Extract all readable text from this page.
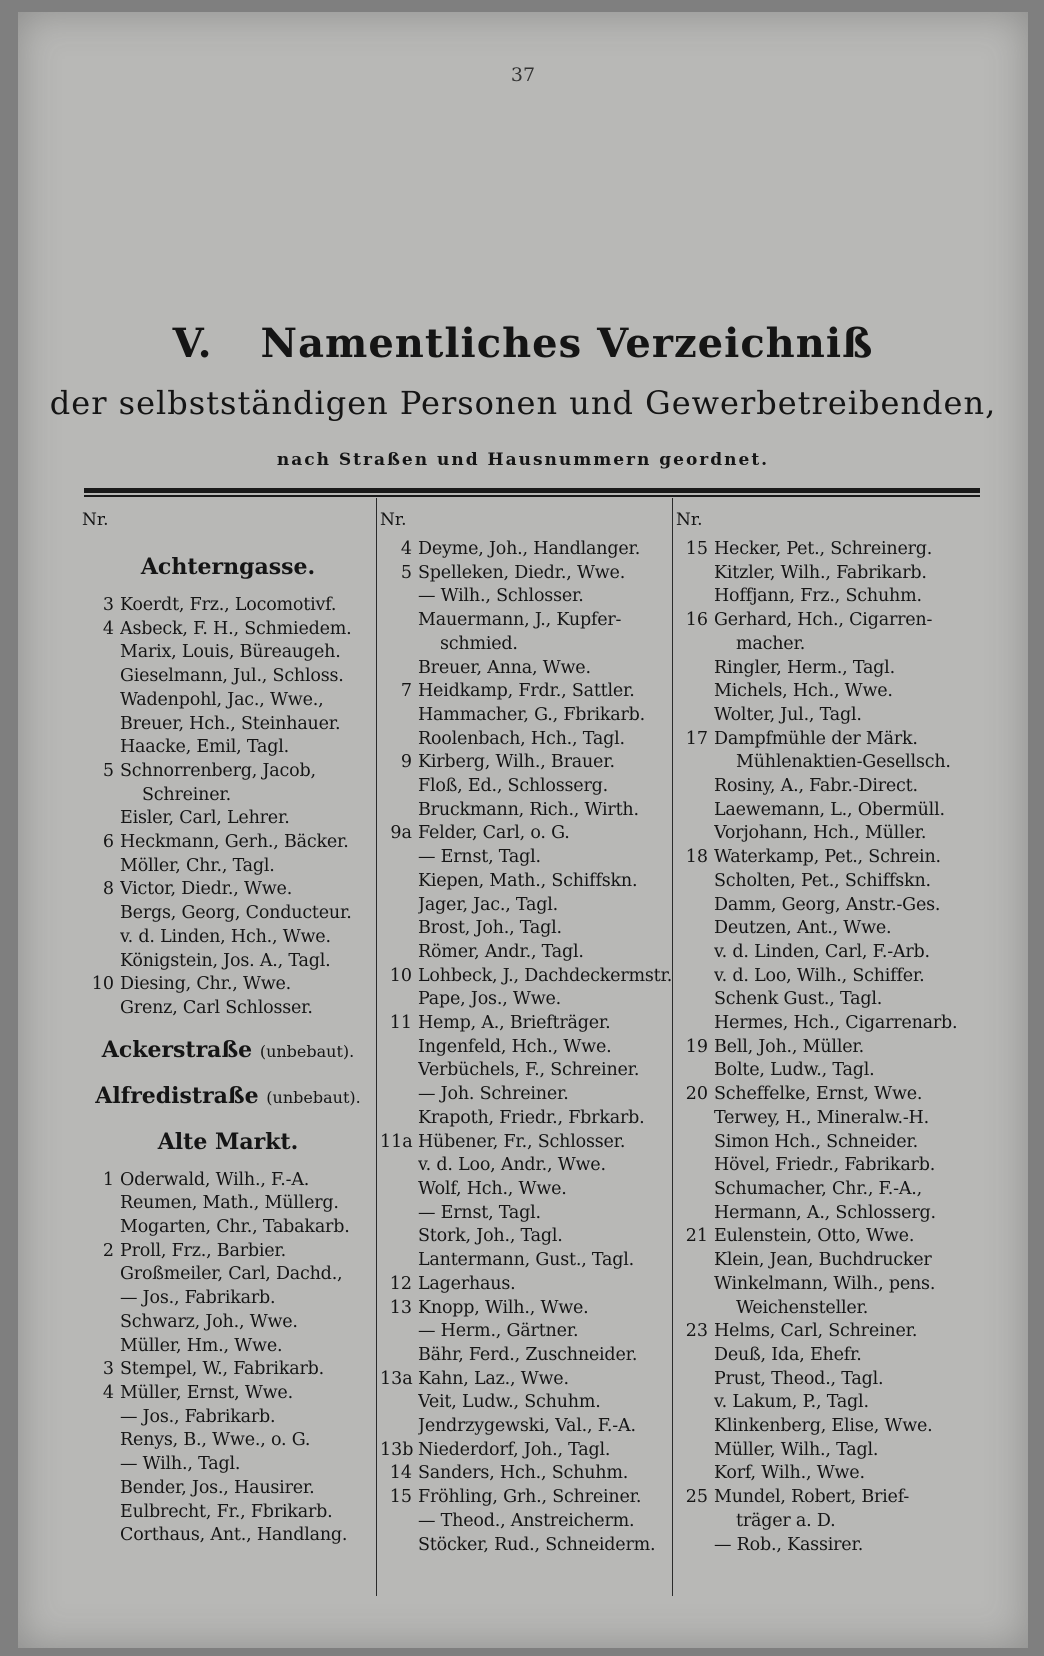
37
V. Namentliches Verzeichniß
der selbstständigen Personen und Gewerbetreibenden,
nach Straßen und Hausnummern geordnet.
Nr.
Achterngasse.
3 Koerdt, Frz., Locomotivf.
4 Asbeck, F. H., Schmiedem.
Marix, Louis, Büreaugeh.
Gieselmann, Jul., Schloss.
Wadenpohl, Jac., Wwe.,
Breuer, Hch., Steinhauer.
Haacke, Emil, Tagl.
5 Schnorrenberg, Jacob,
Schreiner.
Eisler, Carl, Lehrer.
6 Heckmann, Gerh., Bäcker.
Möller, Chr., Tagl.
8 Victor, Diedr., Wwe.
Bergs, Georg, Conducteur.
v. d. Linden, Hch., Wwe.
Königstein, Jos. A., Tagl.
10 Diesing, Chr., Wwe.
Grenz, Carl Schlosser.
Ackerstraße (unbebaut).
Alfredistraße (unbebaut).
Alte Markt.
1 Oderwald, Wilh., F.-A.
Reumen, Math., Müllerg.
Mogarten, Chr., Tabakarb.
2 Proll, Frz., Barbier.
Großmeiler, Carl, Dachd.,
— Jos., Fabrikarb.
Schwarz, Joh., Wwe.
Müller, Hm., Wwe.
3 Stempel, W., Fabrikarb.
4 Müller, Ernst, Wwe.
— Jos., Fabrikarb.
Renys, B., Wwe., o. G.
— Wilh., Tagl.
Bender, Jos., Hausirer.
Eulbrecht, Fr., Fbrikarb.
Corthaus, Ant., Handlang.
Nr.
4 Deyme, Joh., Handlanger.
5 Spelleken, Diedr., Wwe.
— Wilh., Schlosser.
Mauermann, J., Kupfer-
schmied.
Breuer, Anna, Wwe.
7 Heidkamp, Frdr., Sattler.
Hammacher, G., Fbrikarb.
Roolenbach, Hch., Tagl.
9 Kirberg, Wilh., Brauer.
Floß, Ed., Schlosserg.
Bruckmann, Rich., Wirth.
9a Felder, Carl, o. G.
— Ernst, Tagl.
Kiepen, Math., Schiffskn.
Jager, Jac., Tagl.
Brost, Joh., Tagl.
Römer, Andr., Tagl.
10 Lohbeck, J., Dachdeckermstr.
Pape, Jos., Wwe.
11 Hemp, A., Briefträger.
Ingenfeld, Hch., Wwe.
Verbüchels, F., Schreiner.
— Joh. Schreiner.
Krapoth, Friedr., Fbrkarb.
11a Hübener, Fr., Schlosser.
v. d. Loo, Andr., Wwe.
Wolf, Hch., Wwe.
— Ernst, Tagl.
Stork, Joh., Tagl.
Lantermann, Gust., Tagl.
12 Lagerhaus.
13 Knopp, Wilh., Wwe.
— Herm., Gärtner.
Bähr, Ferd., Zuschneider.
13a Kahn, Laz., Wwe.
Veit, Ludw., Schuhm.
Jendrzygewski, Val., F.-A.
13b Niederdorf, Joh., Tagl.
14 Sanders, Hch., Schuhm.
15 Fröhling, Grh., Schreiner.
— Theod., Anstreicherm.
Stöcker, Rud., Schneiderm.
Nr.
15 Hecker, Pet., Schreinerg.
Kitzler, Wilh., Fabrikarb.
Hoffjann, Frz., Schuhm.
16 Gerhard, Hch., Cigarren-
macher.
Ringler, Herm., Tagl.
Michels, Hch., Wwe.
Wolter, Jul., Tagl.
17 Dampfmühle der Märk.
Mühlenaktien-Gesellsch.
Rosiny, A., Fabr.-Direct.
Laewemann, L., Obermüll.
Vorjohann, Hch., Müller.
18 Waterkamp, Pet., Schrein.
Scholten, Pet., Schiffskn.
Damm, Georg, Anstr.-Ges.
Deutzen, Ant., Wwe.
v. d. Linden, Carl, F.-Arb.
v. d. Loo, Wilh., Schiffer.
Schenk Gust., Tagl.
Hermes, Hch., Cigarrenarb.
19 Bell, Joh., Müller.
Bolte, Ludw., Tagl.
20 Scheffelke, Ernst, Wwe.
Terwey, H., Mineralw.-H.
Simon Hch., Schneider.
Hövel, Friedr., Fabrikarb.
Schumacher, Chr., F.-A.,
Hermann, A., Schlosserg.
21 Eulenstein, Otto, Wwe.
Klein, Jean, Buchdrucker
Winkelmann, Wilh., pens.
Weichensteller.
23 Helms, Carl, Schreiner.
Deuß, Ida, Ehefr.
Prust, Theod., Tagl.
v. Lakum, P., Tagl.
Klinkenberg, Elise, Wwe.
Müller, Wilh., Tagl.
Korf, Wilh., Wwe.
25 Mundel, Robert, Brief-
träger a. D.
— Rob., Kassirer.
